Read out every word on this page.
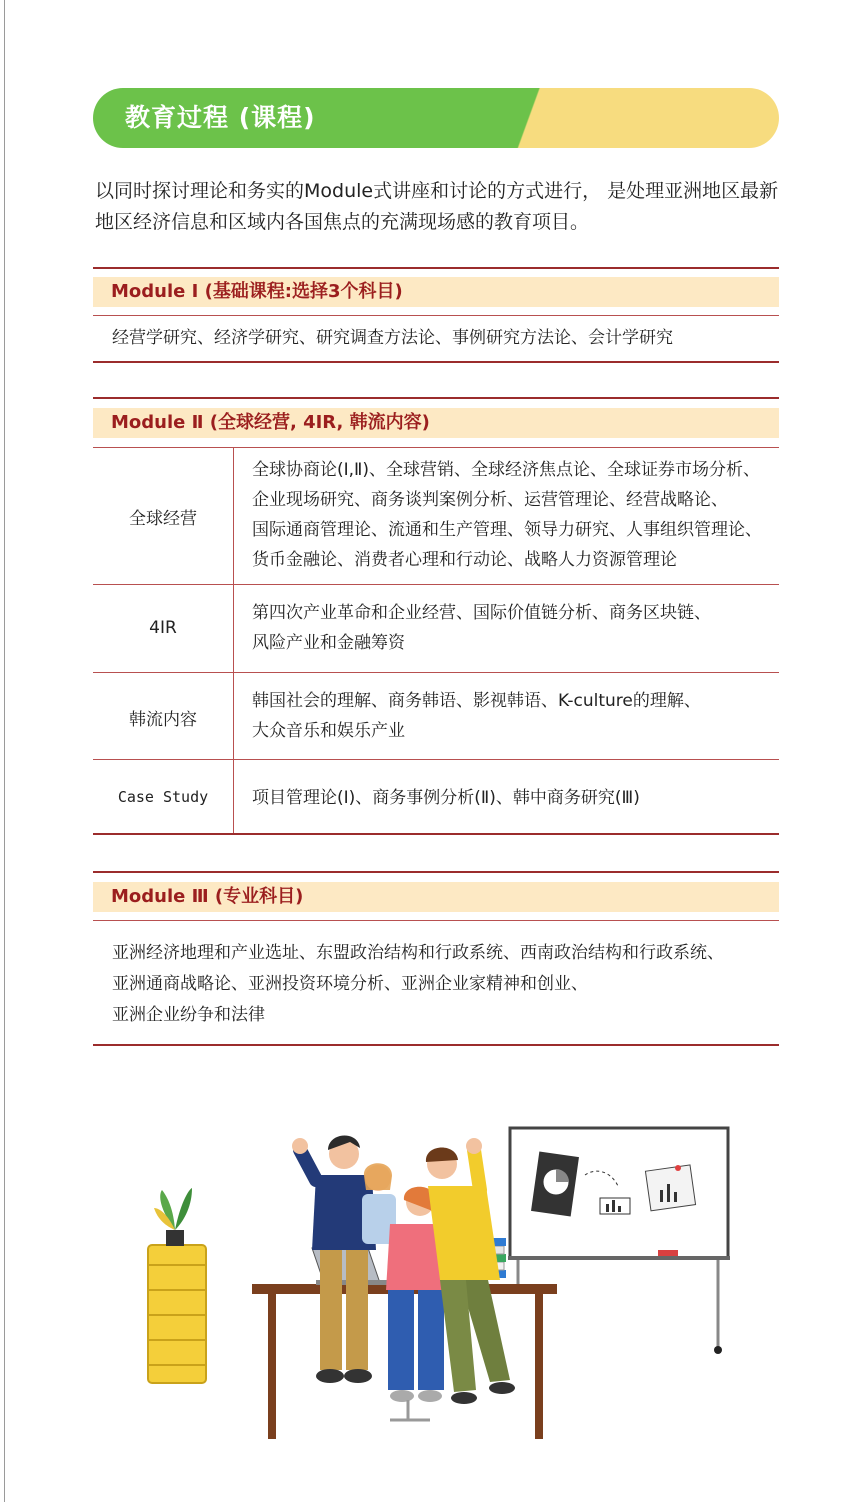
教育过程 (课程)
以同时探讨理论和务实的Module式讲座和讨论的方式进行， 是处理亚洲地区最新地区经济信息和区域内各国焦点的充满现场感的教育项目。
Module Ⅰ (基础课程:选择3个科目)
经营学研究、经济学研究、研究调查方法论、事例研究方法论、会计学研究
Module Ⅱ (全球经营, 4IR, 韩流内容)
全球经营
全球协商论(Ⅰ,Ⅱ)、全球营销、全球经济焦点论、全球证券市场分析、
企业现场研究、商务谈判案例分析、运营管理论、经营战略论、
国际通商管理论、流通和生产管理、领导力研究、人事组织管理论、
货币金融论、消费者心理和行动论、战略人力资源管理论
4IR
第四次产业革命和企业经营、国际价值链分析、商务区块链、
风险产业和金融筹资
韩流内容
韩国社会的理解、商务韩语、影视韩语、K-culture的理解、
大众音乐和娱乐产业
Case Study	项目管理论(Ⅰ)、商务事例分析(Ⅱ)、韩中商务研究(Ⅲ)
Module Ⅲ (专业科目)
亚洲经济地理和产业选址、东盟政治结构和行政系统、西南政治结构和行政系统、
亚洲通商战略论、亚洲投资环境分析、亚洲企业家精神和创业、
亚洲企业纷争和法律
